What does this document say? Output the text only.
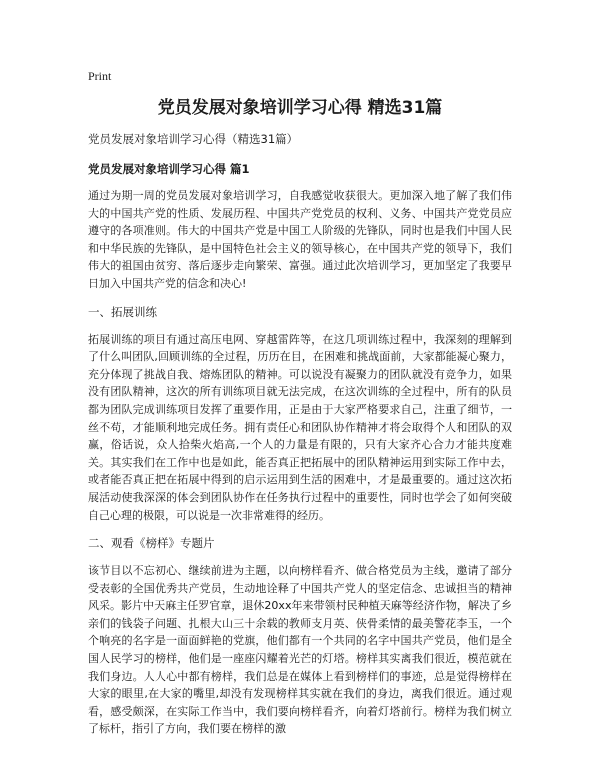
Print
党员发展对象培训学习心得 精选31篇
党员发展对象培训学习心得（精选31篇）
党员发展对象培训学习心得 篇1

通过为期一周的党员发展对象培训学习，自我感觉收获很大。更加深入地了解了我们伟大的中国共产党的性质、发展历程、中国共产党党员的权利、义务、中国共产党党员应遵守的各项准则。伟大的中国共产党是中国工人阶级的先锋队，同时也是我们中国人民和中华民族的先锋队，是中国特色社会主义的领导核心，在中国共产党的领导下，我们伟大的祖国由贫穷、落后逐步走向繁荣、富强。通过此次培训学习，更加坚定了我要早日加入中国共产党的信念和决心!

一、拓展训练

拓展训练的项目有通过高压电网、穿越雷阵等，在这几项训练过程中，我深刻的理解到了什么叫团队,回顾训练的全过程，历历在目，在困难和挑战面前，大家都能凝心聚力，充分体现了挑战自我、熔炼团队的精神。可以说没有凝聚力的团队就没有竞争力，如果没有团队精神，这次的所有训练项目就无法完成，在这次训练的全过程中，所有的队员都为团队完成训练项目发挥了重要作用，正是由于大家严格要求自己，注重了细节，一丝不苟，才能顺利地完成任务。拥有责任心和团队协作精神才将会取得个人和团队的双赢，俗话说，众人拾柴火焰高,一个人的力量是有限的，只有大家齐心合力才能共度难关。其实我们在工作中也是如此，能否真正把拓展中的团队精神运用到实际工作中去，或者能否真正把在拓展中得到的启示运用到生活的困难中，才是最重要的。通过这次拓展活动使我深深的体会到团队协作在任务执行过程中的重要性，同时也学会了如何突破自己心理的极限，可以说是一次非常难得的经历。

二、观看《榜样》专题片

该节目以不忘初心、继续前进为主题，以向榜样看齐、做合格党员为主线，邀请了部分受表彰的全国优秀共产党员，生动地诠释了中国共产党人的坚定信念、忠诚担当的精神风采。影片中天麻主任罗官章，退休20xx年来带领村民种植天麻等经济作物，解决了乡亲们的钱袋子问题、扎根大山三十余载的教师支月英、侠骨柔情的最美警花李玉，一个个响亮的名字是一面面鲜艳的党旗，他们都有一个共同的名字中国共产党员，他们是全国人民学习的榜样，他们是一座座闪耀着光芒的灯塔。榜样其实离我们很近，模范就在我们身边。人人心中都有榜样，我们总是在媒体上看到榜样们的事迹，总是觉得榜样在大家的眼里,在大家的嘴里,却没有发现榜样其实就在我们的身边，离我们很近。通过观看，感受颇深，在实际工作当中，我们要向榜样看齐，向着灯塔前行。榜样为我们树立了标杆，指引了方向，我们要在榜样的激
